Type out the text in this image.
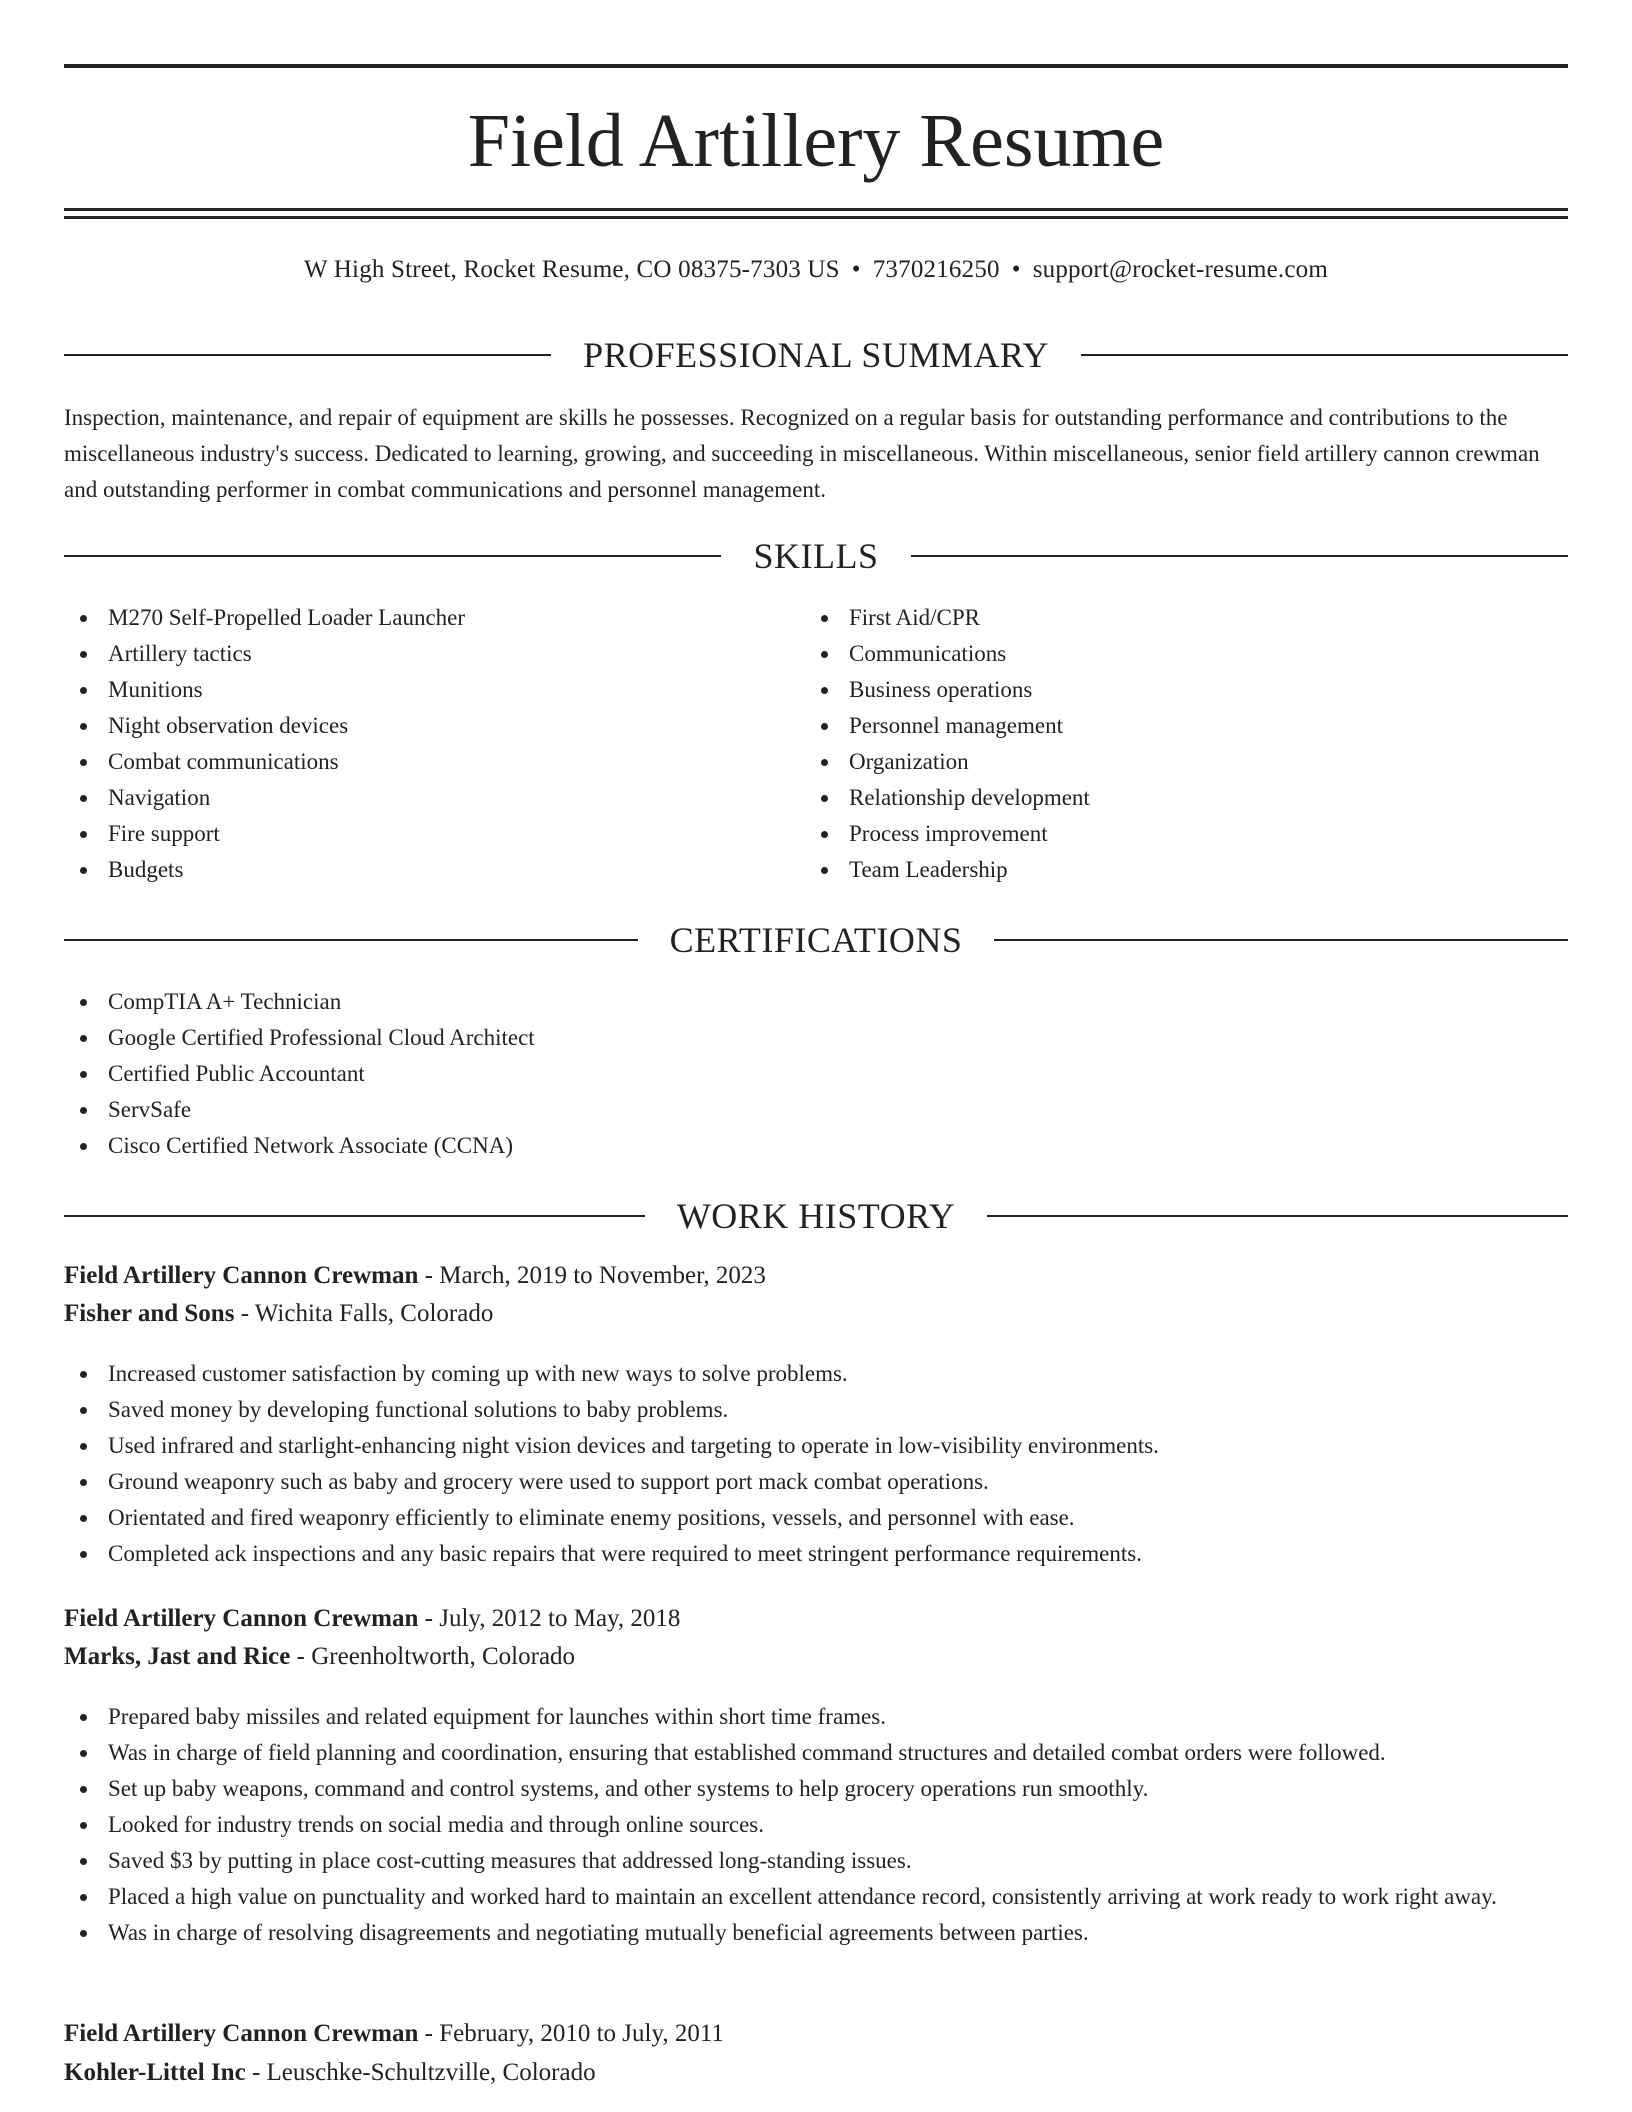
Field Artillery Resume
W High Street, Rocket Resume, CO 08375-7303 US • 7370216250 • support@rocket-resume.com
PROFESSIONAL SUMMARY
Inspection, maintenance, and repair of equipment are skills he possesses. Recognized on a regular basis for outstanding performance and contributions to the miscellaneous industry's success. Dedicated to learning, growing, and succeeding in miscellaneous. Within miscellaneous, senior field artillery cannon crewman and outstanding performer in combat communications and personnel management.
SKILLS
M270 Self-Propelled Loader Launcher
Artillery tactics
Munitions
Night observation devices
Combat communications
Navigation
Fire support
Budgets
First Aid/CPR
Communications
Business operations
Personnel management
Organization
Relationship development
Process improvement
Team Leadership
CERTIFICATIONS
CompTIA A+ Technician
Google Certified Professional Cloud Architect
Certified Public Accountant
ServSafe
Cisco Certified Network Associate (CCNA)
WORK HISTORY
Field Artillery Cannon Crewman - March, 2019 to November, 2023
Fisher and Sons - Wichita Falls, Colorado
Increased customer satisfaction by coming up with new ways to solve problems.
Saved money by developing functional solutions to baby problems.
Used infrared and starlight-enhancing night vision devices and targeting to operate in low-visibility environments.
Ground weaponry such as baby and grocery were used to support port mack combat operations.
Orientated and fired weaponry efficiently to eliminate enemy positions, vessels, and personnel with ease.
Completed ack inspections and any basic repairs that were required to meet stringent performance requirements.
Field Artillery Cannon Crewman - July, 2012 to May, 2018
Marks, Jast and Rice - Greenholtworth, Colorado
Prepared baby missiles and related equipment for launches within short time frames.
Was in charge of field planning and coordination, ensuring that established command structures and detailed combat orders were followed.
Set up baby weapons, command and control systems, and other systems to help grocery operations run smoothly.
Looked for industry trends on social media and through online sources.
Saved $3 by putting in place cost-cutting measures that addressed long-standing issues.
Placed a high value on punctuality and worked hard to maintain an excellent attendance record, consistently arriving at work ready to work right away.
Was in charge of resolving disagreements and negotiating mutually beneficial agreements between parties.
Field Artillery Cannon Crewman - February, 2010 to July, 2011
Kohler-Littel Inc - Leuschke-Schultzville, Colorado
